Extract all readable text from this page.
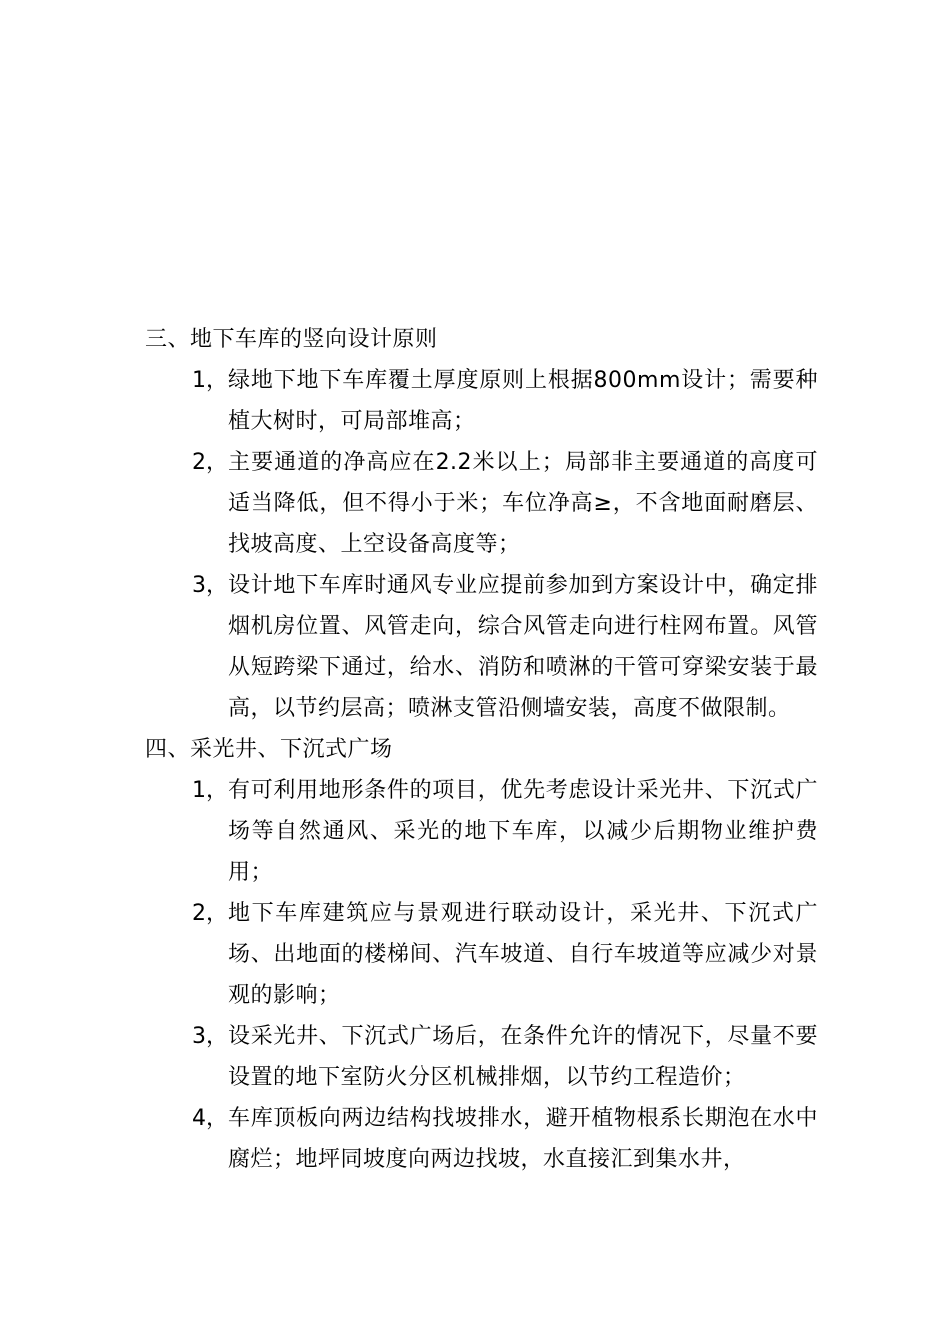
三、地下车库的竖向设计原则
1， 绿地下地下车库覆土厚度原则上根据800mm设计；需要种植大树时，可局部堆高；
2， 主要通道的净高应在2.2米以上；局部非主要通道的高度可适当降低，但不得小于米；车位净高≥，不含地面耐磨层、找坡高度、上空设备高度等；
3， 设计地下车库时通风专业应提前参加到方案设计中，确定排烟机房位置、风管走向，综合风管走向进行柱网布置。风管从短跨梁下通过，给水、消防和喷淋的干管可穿梁安装于最高，以节约层高；喷淋支管沿侧墙安装，高度不做限制。
四、采光井、下沉式广场
1， 有可利用地形条件的项目，优先考虑设计采光井、下沉式广场等自然通风、采光的地下车库，以减少后期物业维护费用；
2， 地下车库建筑应与景观进行联动设计，采光井、下沉式广场、出地面的楼梯间、汽车坡道、自行车坡道等应减少对景观的影响；
3， 设采光井、下沉式广场后，在条件允许的情况下，尽量不要设置的地下室防火分区机械排烟，以节约工程造价；
4， 车库顶板向两边结构找坡排水，避开植物根系长期泡在水中腐烂；地坪同坡度向两边找坡，水直接汇到集水井，
